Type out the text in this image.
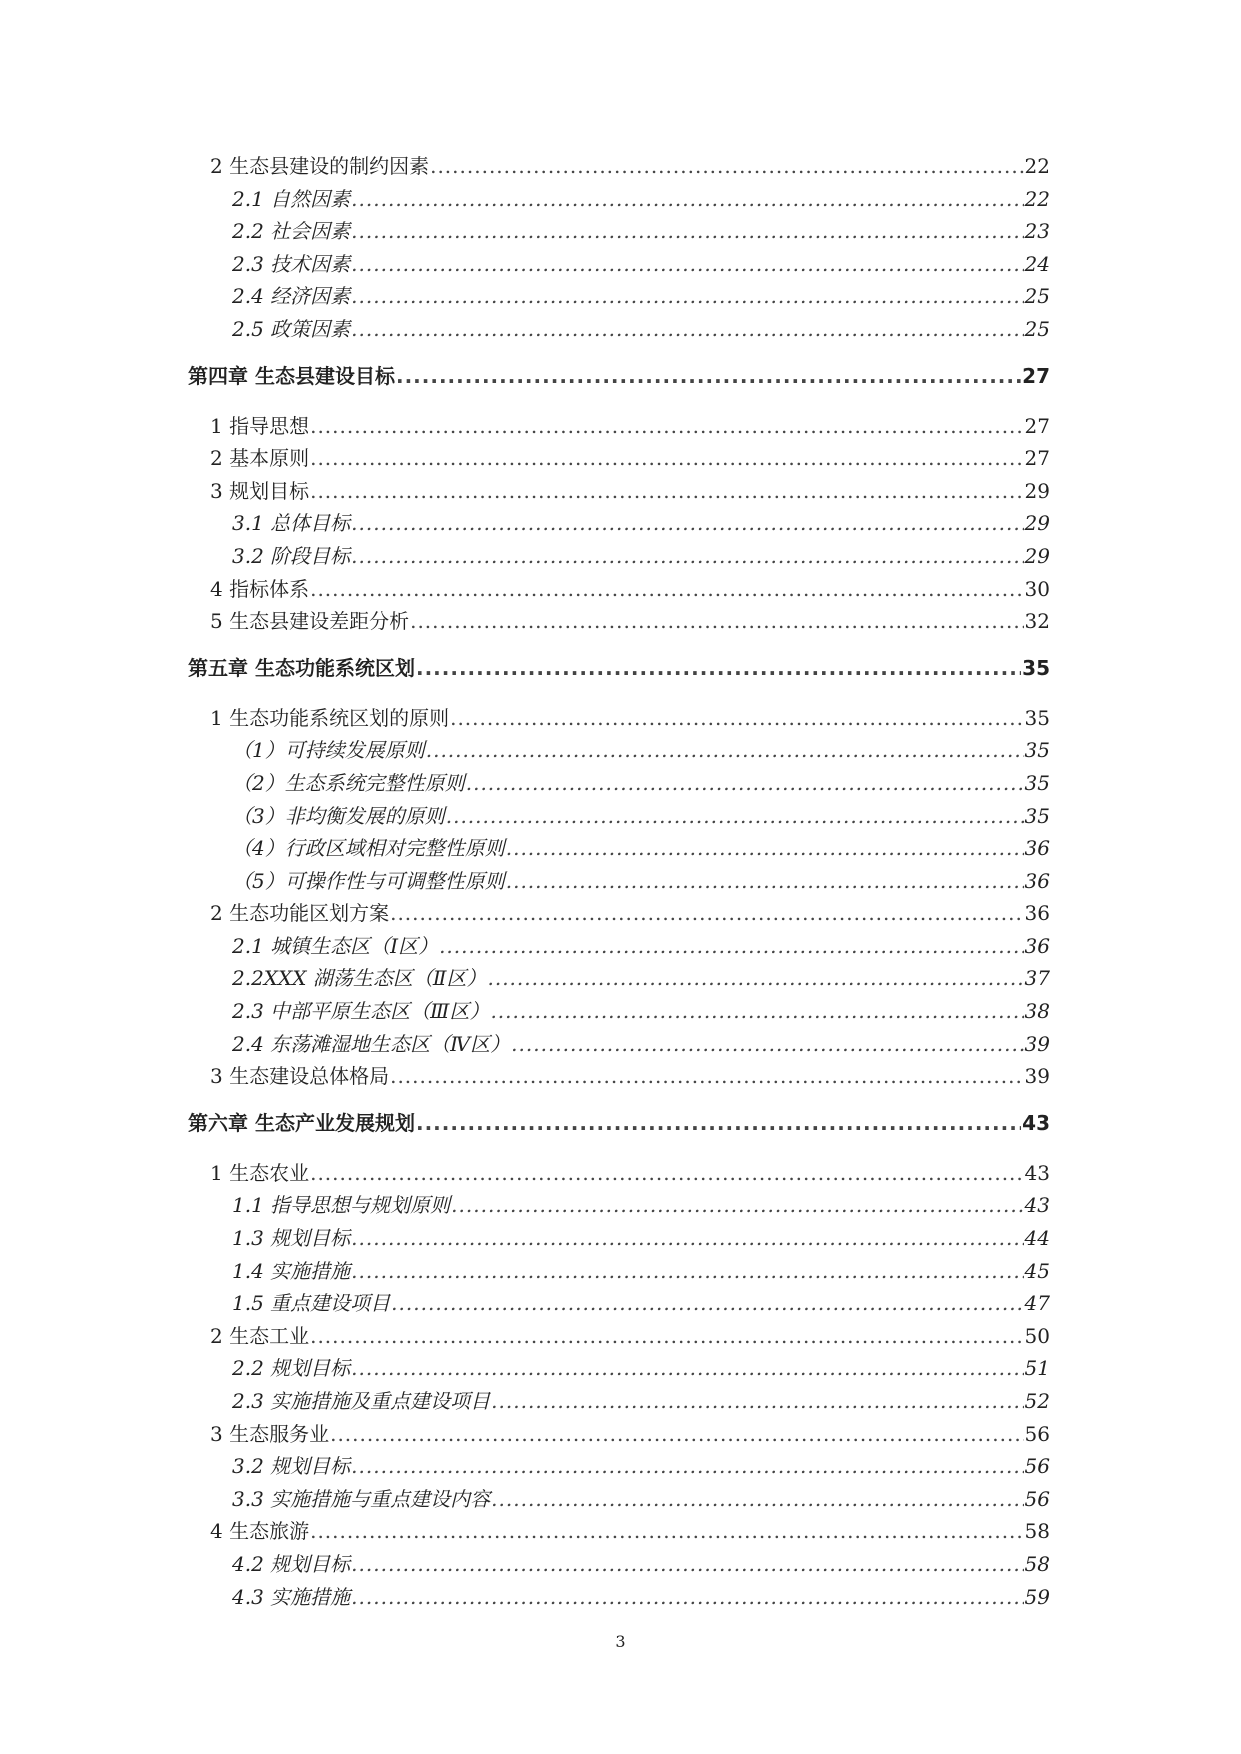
2 生态县建设的制约因素 .....	22
2.1 自然因素 .....	22
2.2 社会因素 .....	23
2.3 技术因素 .....	24
2.4 经济因素 .....	25
2.5 政策因素 .....	25
第四章 生态县建设目标 .....	27
1 指导思想 .....	27
2 基本原则 .....	27
3 规划目标 .....	29
3.1 总体目标 .....	29
3.2 阶段目标 .....	29
4 指标体系 .....	30
5 生态县建设差距分析 .....	32
第五章 生态功能系统区划 .....	35
1 生态功能系统区划的原则 .....	35
（1）可持续发展原则 .....	35
（2）生态系统完整性原则 .....	35
（3）非均衡发展的原则 .....	35
（4）行政区域相对完整性原则 .....	36
（5）可操作性与可调整性原则 .....	36
2 生态功能区划方案 .....	36
2.1 城镇生态区（Ⅰ区） .....	36
2.2XXX 湖荡生态区（Ⅱ区） .....	37
2.3 中部平原生态区（Ⅲ区） .....	38
2.4 东荡滩湿地生态区（Ⅳ区） .....	39
3 生态建设总体格局 .....	39
第六章 生态产业发展规划 .....	43
1 生态农业 .....	43
1.1 指导思想与规划原则 .....	43
1.3 规划目标 .....	44
1.4 实施措施 .....	45
1.5 重点建设项目 .....	47
2 生态工业 .....	50
2.2 规划目标 .....	51
2.3 实施措施及重点建设项目 .....	52
3 生态服务业 .....	56
3.2 规划目标 .....	56
3.3 实施措施与重点建设内容 .....	56
4 生态旅游 .....	58
4.2 规划目标 .....	58
4.3 实施措施 .....	59
3
